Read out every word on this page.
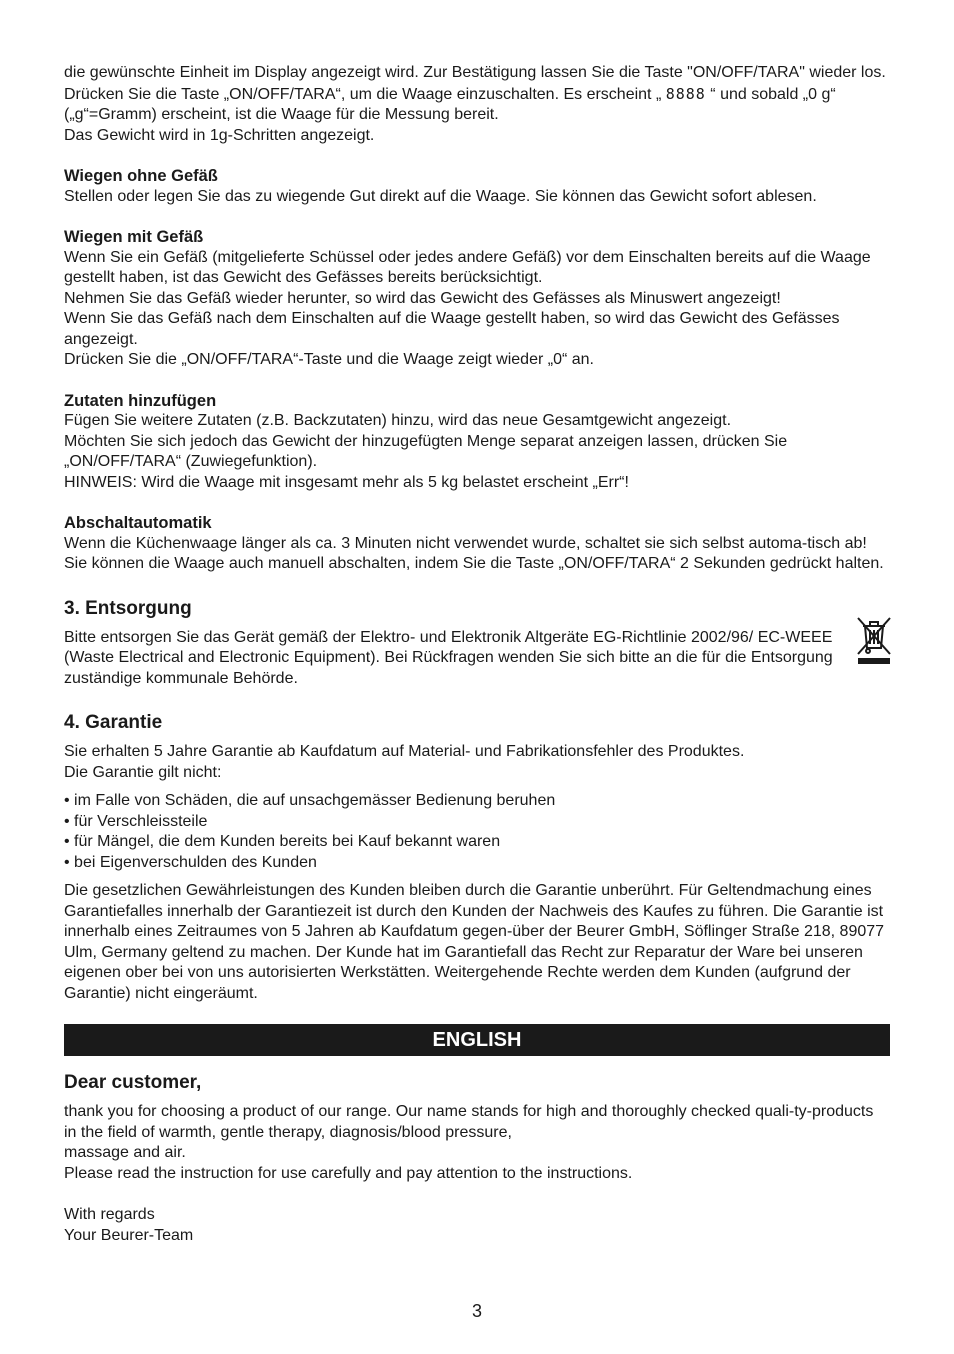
die gewünschte Einheit im Display angezeigt wird. Zur Bestätigung lassen Sie die Taste "ON/OFF/TARA" wieder los.

Drücken Sie die Taste „ON/OFF/TARA“, um die Waage einzuschalten. Es erscheint „ 8888 “ und sobald „0 g“ („g“=Gramm) erscheint, ist die Waage für die Messung bereit.

Das Gewicht wird in 1g-Schritten angezeigt.

Wiegen ohne Gefäß

Stellen oder legen Sie das zu wiegende Gut direkt auf die Waage. Sie können das Gewicht sofort ablesen.

Wiegen mit Gefäß

Wenn Sie ein Gefäß (mitgelieferte Schüssel oder jedes andere Gefäß) vor dem Einschalten bereits auf die Waage gestellt haben, ist das Gewicht des Gefässes bereits berücksichtigt.

Nehmen Sie das Gefäß wieder herunter, so wird das Gewicht des Gefässes als Minuswert angezeigt!

Wenn Sie das Gefäß nach dem Einschalten auf die Waage gestellt haben, so wird das Gewicht des Gefässes angezeigt.

Drücken Sie die „ON/OFF/TARA“-Taste und die Waage zeigt wieder „0“ an.

Zutaten hinzufügen

Fügen Sie weitere Zutaten (z.B. Backzutaten) hinzu, wird das neue Gesamtgewicht angezeigt.

Möchten Sie sich jedoch das Gewicht der hinzugefügten Menge separat anzeigen lassen, drücken Sie „ON/OFF/TARA“ (Zuwiegefunktion).

HINWEIS: Wird die Waage mit insgesamt mehr als 5 kg belastet erscheint „Err“!

Abschaltautomatik

Wenn die Küchenwaage länger als ca. 3 Minuten nicht verwendet wurde, schaltet sie sich selbst automa-tisch ab!

Sie können die Waage auch manuell abschalten, indem Sie die Taste „ON/OFF/TARA“ 2 Sekunden gedrückt halten.

3. Entsorgung

Bitte entsorgen Sie das Gerät gemäß der Elektro- und Elektronik Altgeräte EG-Richtlinie 2002/96/ EC-WEEE (Waste Electrical and Electronic Equipment). Bei Rückfragen wenden Sie sich bitte an die für die Entsorgung zuständige kommunale Behörde.

4. Garantie

Sie erhalten 5 Jahre Garantie ab Kaufdatum auf Material- und Fabrikationsfehler des Produktes.

Die Garantie gilt nicht:

• im Falle von Schäden, die auf unsachgemässer Bedienung beruhen
• für Verschleissteile
• für Mängel, die dem Kunden bereits bei Kauf bekannt waren
• bei Eigenverschulden des Kunden

Die gesetzlichen Gewährleistungen des Kunden bleiben durch die Garantie unberührt. Für Geltendmachung eines Garantiefalles innerhalb der Garantiezeit ist durch den Kunden der Nachweis des Kaufes zu führen. Die Garantie ist innerhalb eines Zeitraumes von 5 Jahren ab Kaufdatum gegen-über der Beurer GmbH, Söflinger Straße 218, 89077 Ulm, Germany geltend zu machen. Der Kunde hat im Garantiefall das Recht zur Reparatur der Ware bei unseren eigenen ober bei von uns autorisierten Werkstätten. Weitergehende Rechte werden dem Kunden (aufgrund der Garantie) nicht eingeräumt.

ENGLISH
Dear customer,

thank you for choosing a product of our range. Our name stands for high and thoroughly checked quali-ty-products in the field of warmth, gentle therapy, diagnosis/blood pressure,

massage and air.

Please read the instruction for use carefully and pay attention to the instructions.

With regards

Your Beurer-Team

3
